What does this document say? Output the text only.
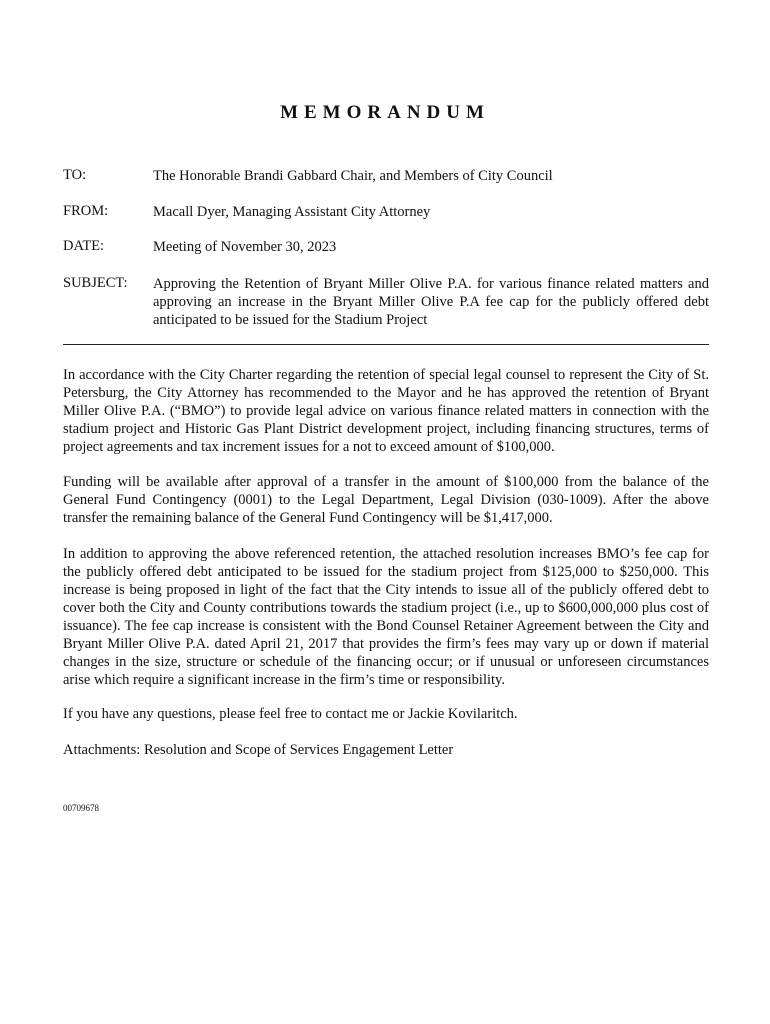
MEMORANDUM
TO:	The Honorable Brandi Gabbard Chair, and Members of City Council
FROM:	Macall Dyer, Managing Assistant City Attorney
DATE:	Meeting of November 30, 2023
SUBJECT: Approving the Retention of Bryant Miller Olive P.A. for various finance related matters and approving an increase in the Bryant Miller Olive P.A fee cap for the publicly offered debt anticipated to be issued for the Stadium Project
In accordance with the City Charter regarding the retention of special legal counsel to represent the City of St. Petersburg, the City Attorney has recommended to the Mayor and he has approved the retention of Bryant Miller Olive P.A. (“BMO”) to provide legal advice on various finance related matters in connection with the stadium project and Historic Gas Plant District development project, including financing structures, terms of project agreements and tax increment issues for a not to exceed amount of $100,000.
Funding will be available after approval of a transfer in the amount of $100,000 from the balance of the General Fund Contingency (0001) to the Legal Department, Legal Division (030-1009). After the above transfer the remaining balance of the General Fund Contingency will be $1,417,000.
In addition to approving the above referenced retention, the attached resolution increases BMO’s fee cap for the publicly offered debt anticipated to be issued for the stadium project from $125,000 to $250,000. This increase is being proposed in light of the fact that the City intends to issue all of the publicly offered debt to cover both the City and County contributions towards the stadium project (i.e., up to $600,000,000 plus cost of issuance). The fee cap increase is consistent with the Bond Counsel Retainer Agreement between the City and Bryant Miller Olive P.A. dated April 21, 2017 that provides the firm’s fees may vary up or down if material changes in the size, structure or schedule of the financing occur; or if unusual or unforeseen circumstances arise which require a significant increase in the firm’s time or responsibility.
If you have any questions, please feel free to contact me or Jackie Kovilaritch.
Attachments: Resolution and Scope of Services Engagement Letter
00709678
